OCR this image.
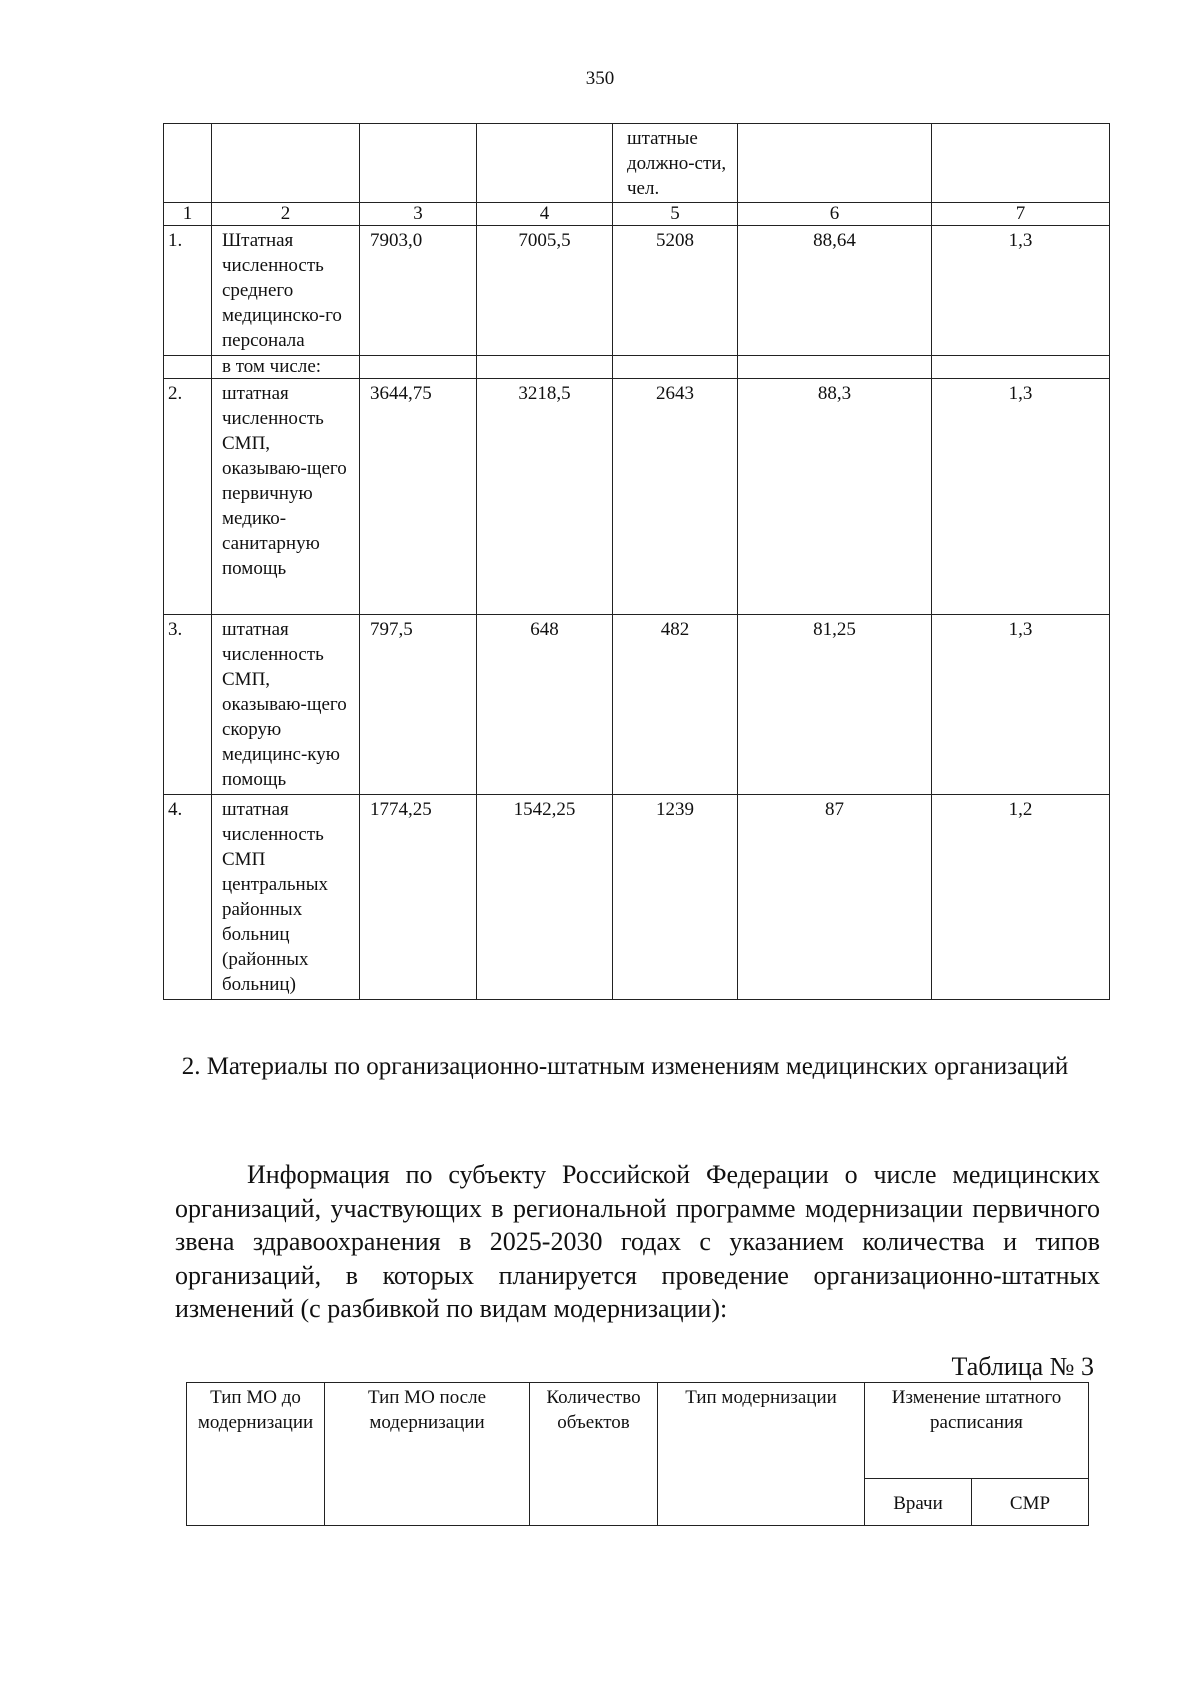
350
				штатные должно-сти, чел.		
1	2	3	4	5	6	7
1.	Штатная численность среднего медицинско-го персонала	7903,0	7005,5	5208	88,64	1,3
	в том числе:					
2.	штатная численность СМП, оказываю-щего первичную медико-санитарную помощь	3644,75	3218,5	2643	88,3	1,3
3.	штатная численность СМП, оказываю-щего скорую медицинс-кую помощь	797,5	648	482	81,25	1,3
4.	штатная численность СМП центральных районных больниц (районных больниц)	1774,25	1542,25	1239	87	1,2
2. Материалы по организационно-штатным изменениям медицинских организаций
Информация по субъекту Российской Федерации о числе медицинских организаций, участвующих в региональной программе модернизации первичного звена здравоохранения в 2025-2030 годах с указанием количества и типов организаций, в которых планируется проведение организационно-штатных изменений (с разбивкой по видам модернизации):
Таблица № 3
Тип МО до модернизации	Тип МО после модернизации	Количество объектов	Тип модернизации	Изменение штатного расписания	
				Врачи	СМР
